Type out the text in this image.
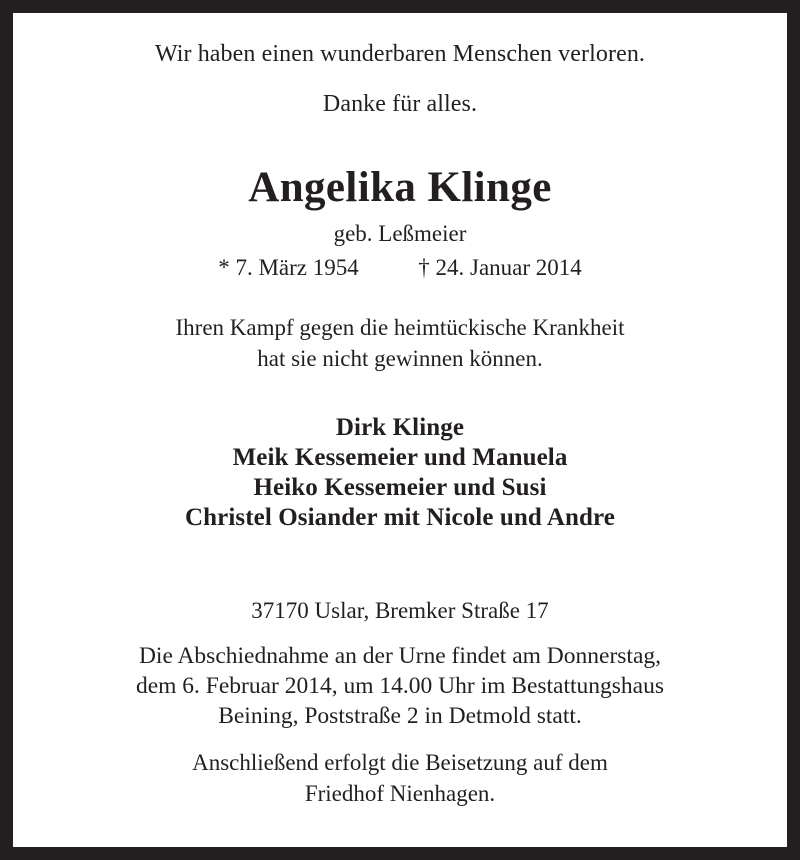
Wir haben einen wunderbaren Menschen verloren.
Danke für alles.
Angelika Klinge
geb. Leßmeier
* 7. März 1954	† 24. Januar 2014
Ihren Kampf gegen die heimtückische Krankheit
hat sie nicht gewinnen können.
Dirk Klinge
Meik Kessemeier und Manuela
Heiko Kessemeier und Susi
Christel Osiander mit Nicole und Andre
37170 Uslar, Bremker Straße 17
Die Abschiednahme an der Urne findet am Donnerstag,
dem 6. Februar 2014, um 14.00 Uhr im Bestattungshaus
Beining, Poststraße 2 in Detmold statt.
Anschließend erfolgt die Beisetzung auf dem
Friedhof Nienhagen.
